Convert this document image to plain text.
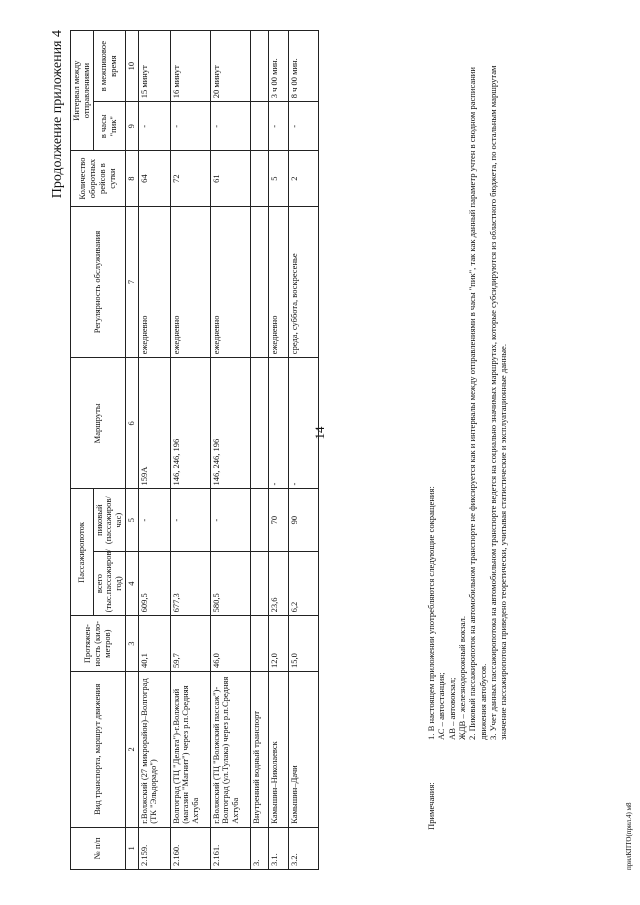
14
Продолжение приложения 4
№ п/п	Вид транспорта, маршрут движения	Протяжен-ность (кило-метров)	Пассажиропоток		Маршруты	Регулярность обслуживания	Количество оборотных рейсов в сутки	Интервал между отправлениями	
			всего (тыс.пассажиров/ год)	пиковый (пассажиров/ час)				в часы "пик"	в межпиковое время
1	2	3	4	5	6	7	8	9	10
2.159.	г.Волжский (27 микрорайон)–Волгоград (ТК "Эльдорадо")	40,1	609,5	-	159А	ежедневно	64	-	15 минут
2.160.	Волгоград (ТЦ "Дельта")-г.Волжский (магазин "Магнит") через р.п.Средняя Ахтуба	59,7	677,3	-	146, 246, 196	ежедневно	72	-	16 минут
2.161.	г.Волжский (ТЦ "Волжский пассаж")-Волгоград (ул.Тулака) через р.п.Средняя Ахтуба	46,0	580,5	-	146, 246, 196	ежедневно	61	-	20 минут
3.	Внутренний водный транспорт								
3.1.	Камышин–Николаевск	12,0	23,6	70	-	ежедневно	5	-	3 ч 00 мин.
3.2.	Камышин–Дачи	15,0	6,2	90	-	среда, суббота, воскресенье	2	-	8 ч 00 мин.
Примечания:
1. В настоящем приложении употребляются следующие сокращения: АС – автостанция; АВ – автовокзал; ЖДВ – железнодорожный вокзал. 2. Пиковый пассажиропоток на автомобильном транспорте не фиксируется как и интервалы между отправлениями в часы "пик", так как данный параметр учтен в сводном расписании движения автобусов. 3. Учет данных пассажиропотока на автомобильном транспорте ведется на социально значимых маршрутах, которые субсидируются из областного бюджета, по остальным маршрутам значение пассажиропотока приведено теоретически, учитывая статистические и эксплуатационные данные.
прилКПТО(прил.4) м8
